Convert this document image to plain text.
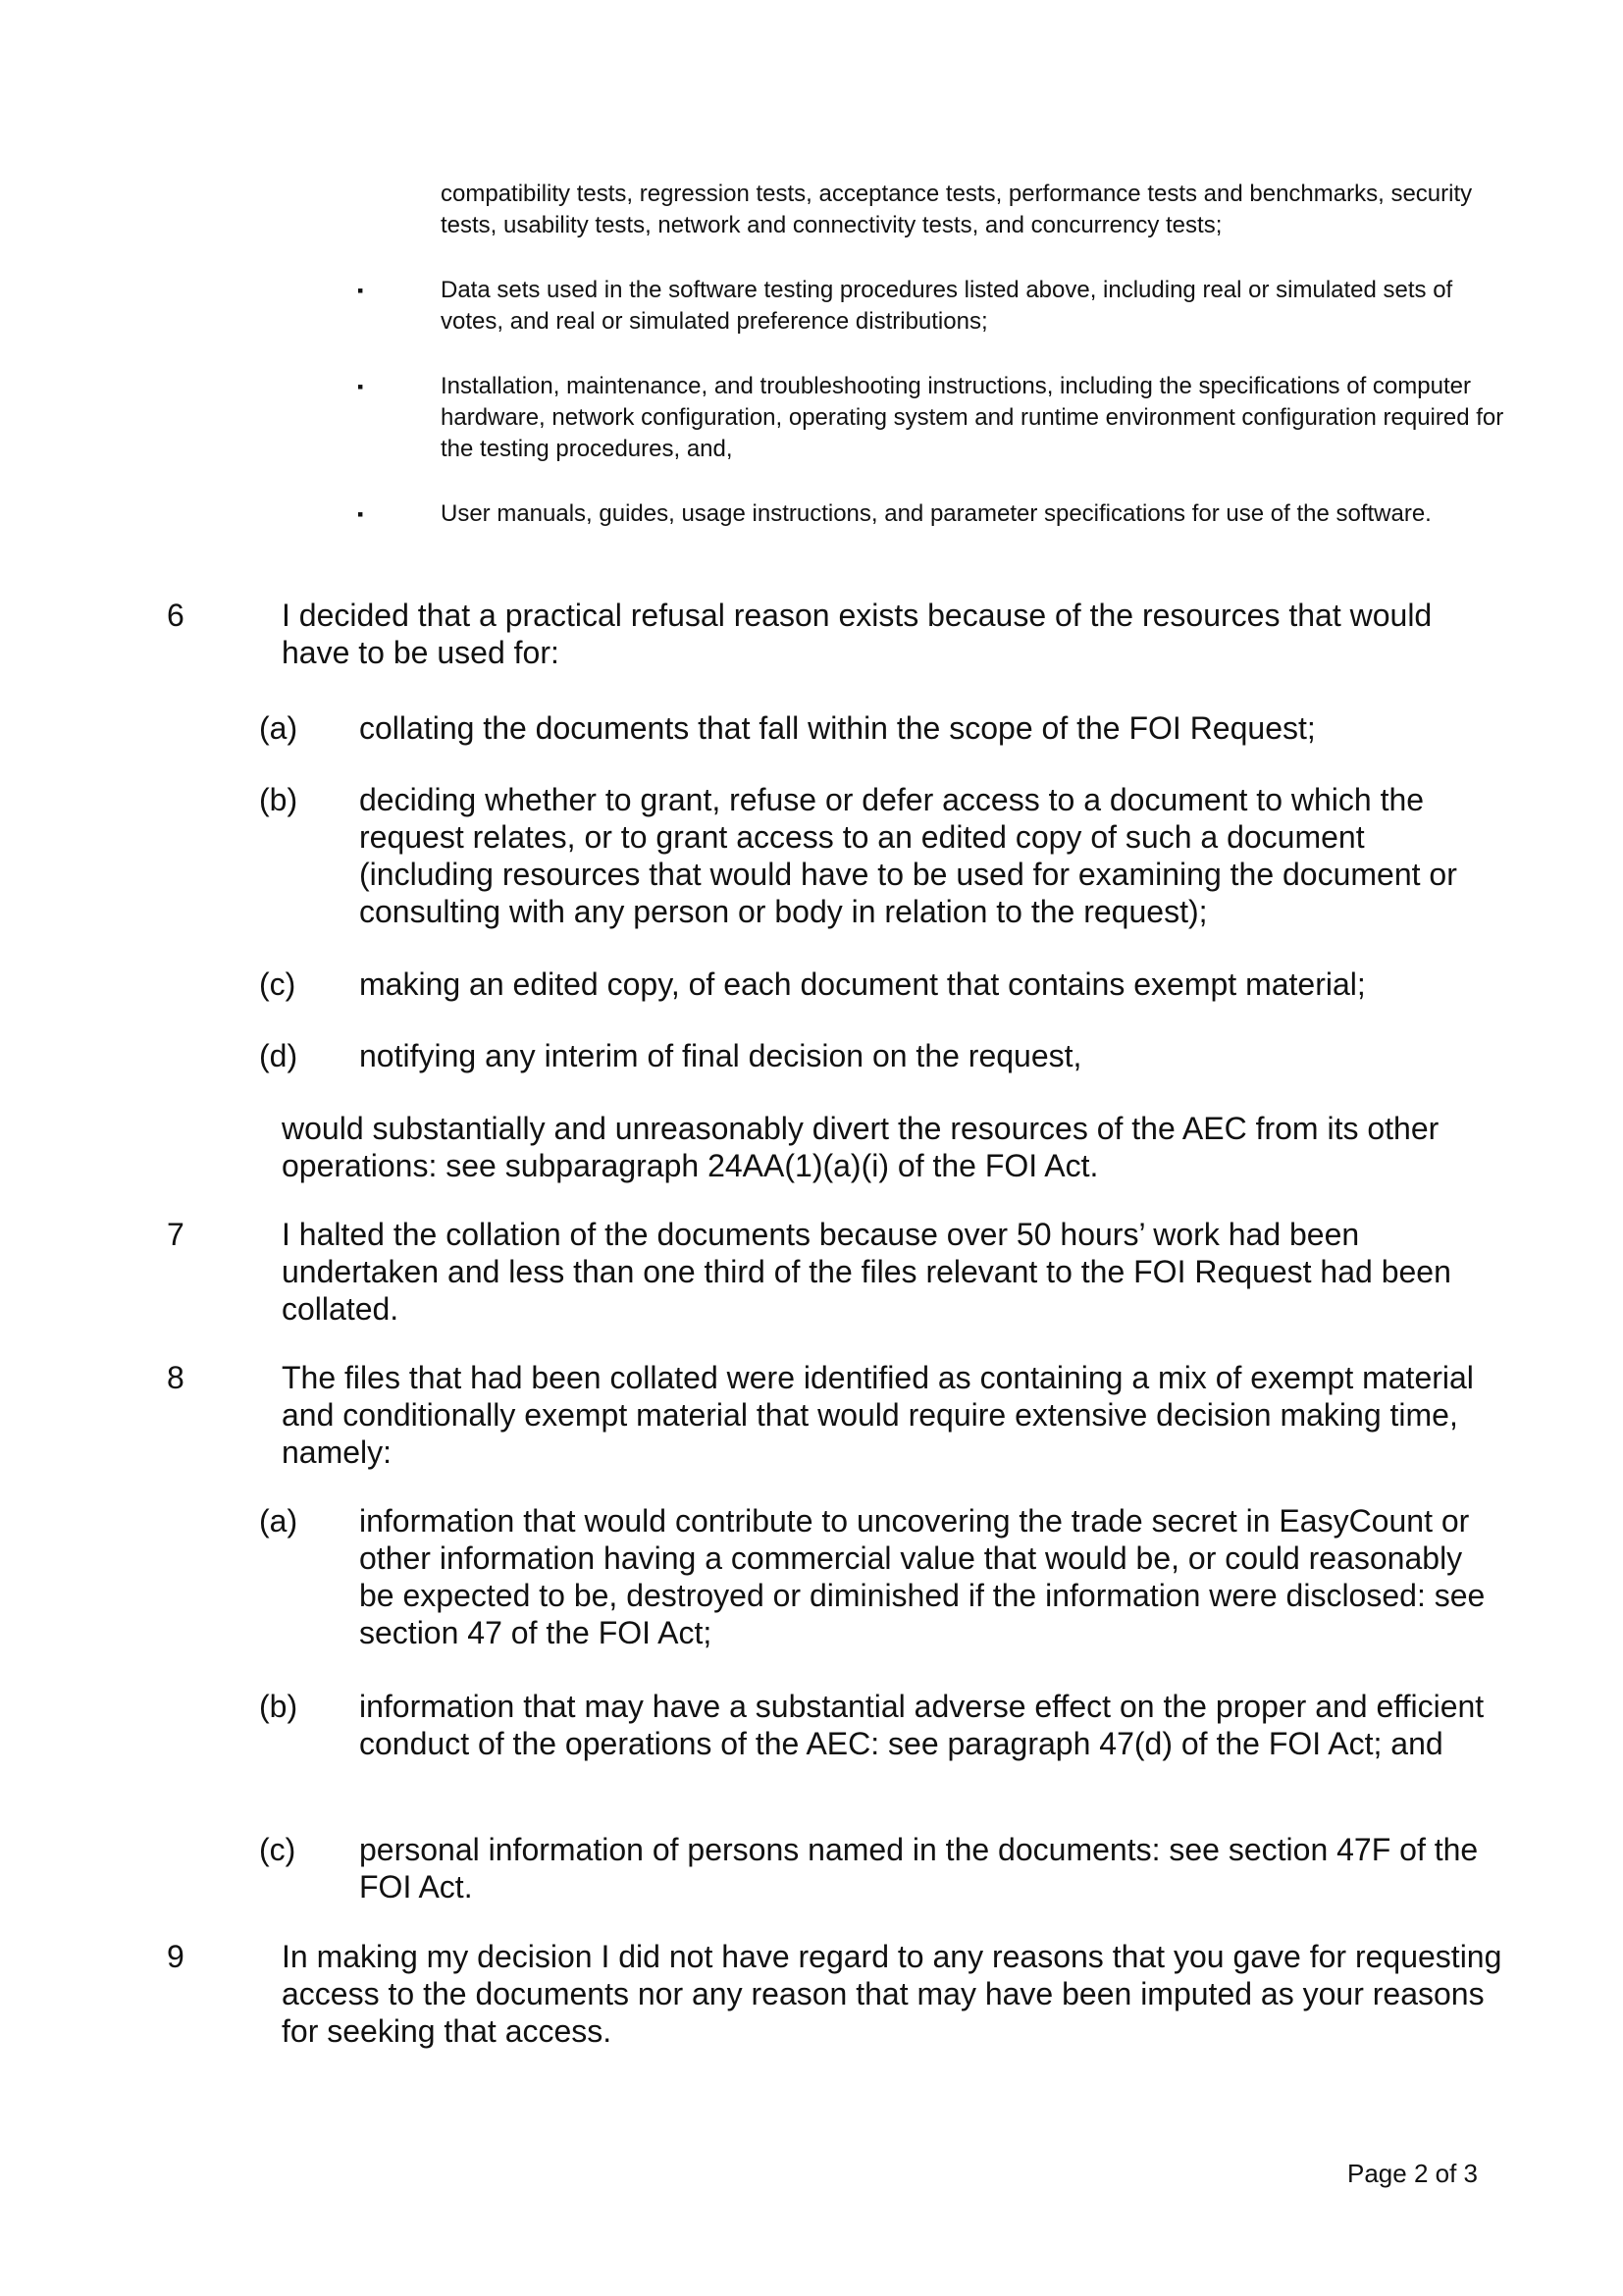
compatibility tests, regression tests, acceptance tests, performance tests and benchmarks, security tests, usability tests, network and connectivity tests, and concurrency tests;
▪	Data sets used in the software testing procedures listed above, including real or simulated sets of votes, and real or simulated preference distributions;
▪	Installation, maintenance, and troubleshooting instructions, including the specifications of computer hardware, network configuration, operating system and runtime environment configuration required for the testing procedures, and,
▪	User manuals, guides, usage instructions, and parameter specifications for use of the software.
6	I decided that a practical refusal reason exists because of the resources that would have to be used for:
(a) collating the documents that fall within the scope of the FOI Request;
(b) deciding whether to grant, refuse or defer access to a document to which the request relates, or to grant access to an edited copy of such a document (including resources that would have to be used for examining the document or consulting with any person or body in relation to the request);
(c) making an edited copy, of each document that contains exempt material;
(d) notifying any interim of final decision on the request,
would substantially and unreasonably divert the resources of the AEC from its other operations: see subparagraph 24AA(1)(a)(i) of the FOI Act.
7	I halted the collation of the documents because over 50 hours’ work had been undertaken and less than one third of the files relevant to the FOI Request had been collated.
8	The files that had been collated were identified as containing a mix of exempt material and conditionally exempt material that would require extensive decision making time, namely:
(a) information that would contribute to uncovering the trade secret in EasyCount or other information having a commercial value that would be, or could reasonably be expected to be, destroyed or diminished if the information were disclosed: see section 47 of the FOI Act;
(b) information that may have a substantial adverse effect on the proper and efficient conduct of the operations of the AEC: see paragraph 47(d) of the FOI Act; and
(c) personal information of persons named in the documents: see section 47F of the FOI Act.
9	In making my decision I did not have regard to any reasons that you gave for requesting access to the documents nor any reason that may have been imputed as your reasons for seeking that access.
Page 2 of 3
